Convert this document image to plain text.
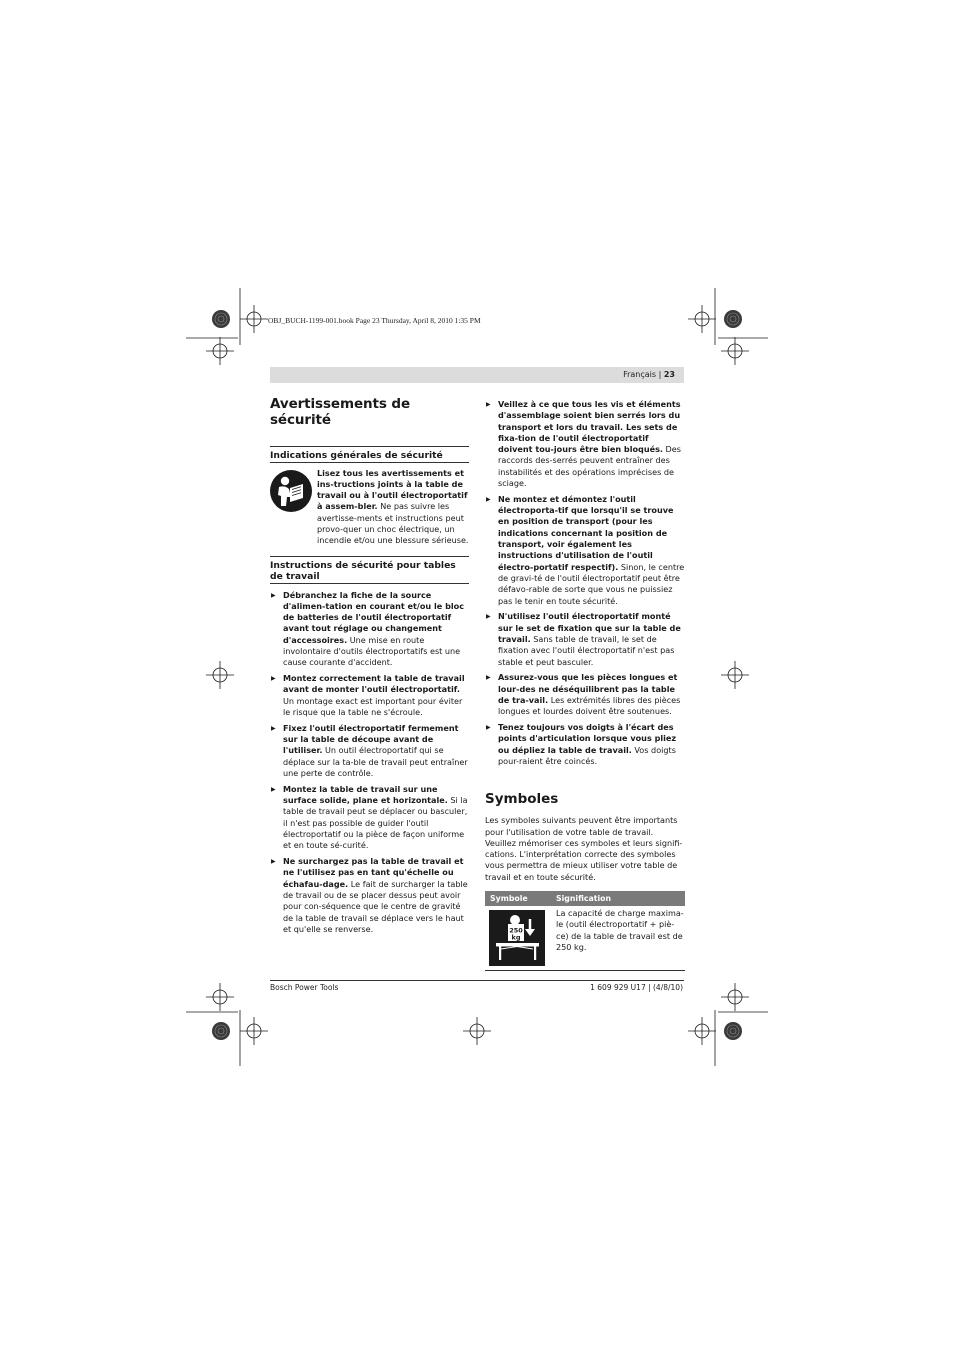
OBJ_BUCH-1199-001.book Page 23 Thursday, April 8, 2010 1:35 PM
Français | 23
Avertissements de sécurité

Indications générales de sécurité

Lisez tous les avertissements et ins-tructions joints à la table de travail ou à l'outil électroportatif à assem-bler. Ne pas suivre les avertisse-ments et instructions peut provo-quer un choc électrique, un incendie et/ou une blessure sérieuse.

Instructions de sécurité pour tables de travail

▶ Débranchez la fiche de la source d'alimen-tation en courant et/ou le bloc de batteries de l'outil électroportatif avant tout réglage ou changement d'accessoires. Une mise en route involontaire d'outils électroportatifs est une cause courante d'accident.
▶ Montez correctement la table de travail avant de monter l'outil électroportatif. Un montage exact est important pour éviter le risque que la table ne s'écroule.
▶ Fixez l'outil électroportatif fermement sur la table de découpe avant de l'utiliser. Un outil électroportatif qui se déplace sur la ta-ble de travail peut entraîner une perte de contrôle.
▶ Montez la table de travail sur une surface solide, plane et horizontale. Si la table de travail peut se déplacer ou basculer, il n'est pas possible de guider l'outil électroportatif ou la pièce de façon uniforme et en toute sé-curité.
▶ Ne surchargez pas la table de travail et ne l'utilisez pas en tant qu'échelle ou échafau-dage. Le fait de surcharger la table de travail ou de se placer dessus peut avoir pour con-séquence que le centre de gravité de la table de travail se déplace vers le haut et qu'elle se renverse.
▶ Veillez à ce que tous les vis et éléments d'assemblage soient bien serrés lors du transport et lors du travail. Les sets de fixa-tion de l'outil électroportatif doivent tou-jours être bien bloqués. Des raccords des-serrés peuvent entraîner des instabilités et des opérations imprécises de sciage.
▶ Ne montez et démontez l'outil électroporta-tif que lorsqu'il se trouve en position de transport (pour les indications concernant la position de transport, voir également les instructions d'utilisation de l'outil électro-portatif respectif). Sinon, le centre de gravi-té de l'outil électroportatif peut être défavo-rable de sorte que vous ne puissiez pas le tenir en toute sécurité.
▶ N'utilisez l'outil électroportatif monté sur le set de fixation que sur la table de travail. Sans table de travail, le set de fixation avec l'outil électroportatif n'est pas stable et peut basculer.
▶ Assurez-vous que les pièces longues et lour-des ne déséquilibrent pas la table de tra-vail. Les extrémités libres des pièces longues et lourdes doivent être soutenues.
▶ Tenez toujours vos doigts à l'écart des points d'articulation lorsque vous pliez ou dépliez la table de travail. Vos doigts pour-raient être coincés.
Symboles
Les symboles suivants peuvent être importants pour l'utilisation de votre table de travail. Veuillez mémoriser ces symboles et leurs signifi-cations. L'interprétation correcte des symboles vous permettra de mieux utiliser votre table de travail et en toute sécurité.
Symbole	Signification
250
kg
La capacité de charge maxima-le (outil électroportatif + piè-ce) de la table de travail est de 250 kg.
Bosch Power Tools	1 609 929 U17 | (4/8/10)
